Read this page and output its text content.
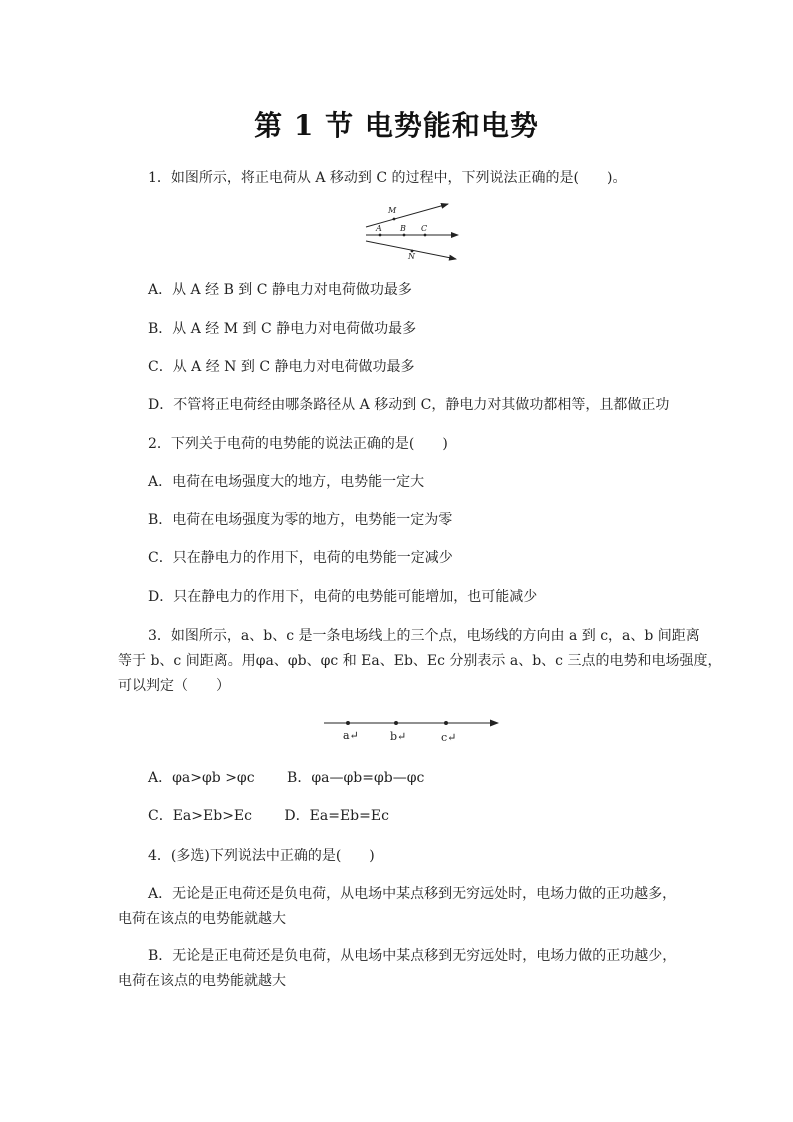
第 1 节 电势能和电势
1．如图所示，将正电荷从 A 移动到 C 的过程中，下列说法正确的是(　　)。
M
A B C
N
A．从 A 经 B 到 C 静电力对电荷做功最多
B．从 A 经 M 到 C 静电力对电荷做功最多
C．从 A 经 N 到 C 静电力对电荷做功最多
D．不管将正电荷经由哪条路径从 A 移动到 C，静电力对其做功都相等，且都做正功
2．下列关于电荷的电势能的说法正确的是(　　)
A．电荷在电场强度大的地方，电势能一定大
B．电荷在电场强度为零的地方，电势能一定为零
C．只在静电力的作用下，电荷的电势能一定减少
D．只在静电力的作用下，电荷的电势能可能增加，也可能减少
3．如图所示，a、b、c 是一条电场线上的三个点，电场线的方向由 a 到 c，a、b 间距离
等于 b、c 间距离。用φa、φb、φc 和 Ea、Eb、Ec 分别表示 a、b、c 三点的电势和电场强度，
可以判定（　　）
a↵	b↵	c↵
A．φa>φb >φc　　 B．φa—φb=φb—φc
C．Ea>Eb>Ec　　 D．Ea=Eb=Ec
4．(多选)下列说法中正确的是(　　)
A．无论是正电荷还是负电荷，从电场中某点移到无穷远处时，电场力做的正功越多，
电荷在该点的电势能就越大
B．无论是正电荷还是负电荷，从电场中某点移到无穷远处时，电场力做的正功越少，
电荷在该点的电势能就越大
